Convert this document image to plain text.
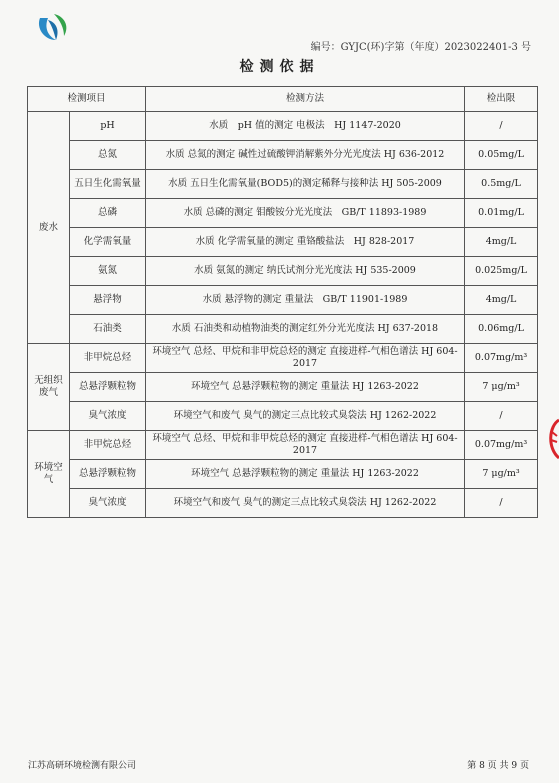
编号：GYJC(环)字第（年度）2023022401-3 号
检测依据
检测项目		检测方法	检出限
废水	pH	水质　pH 值的测定 电极法　HJ 1147-2020	/
	总氮	水质 总氮的测定 碱性过硫酸钾消解紫外分光光度法 HJ 636-2012	0.05mg/L
	五日生化需氧量	水质 五日生化需氧量(BOD5)的测定稀释与接种法 HJ 505-2009	0.5mg/L
	总磷	水质 总磷的测定 钼酸铵分光光度法　GB/T 11893-1989	0.01mg/L
	化学需氧量	水质 化学需氧量的测定 重铬酸盐法　HJ 828-2017	4mg/L
	氨氮	水质 氨氮的测定 纳氏试剂分光光度法 HJ 535-2009	0.025mg/L
	悬浮物	水质 悬浮物的测定 重量法　GB/T 11901-1989	4mg/L
	石油类	水质 石油类和动植物油类的测定红外分光光度法 HJ 637-2018	0.06mg/L
无组织废气	非甲烷总烃	环境空气 总烃、甲烷和非甲烷总烃的测定 直接进样-气相色谱法 HJ 604-2017	0.07mg/m³
	总悬浮颗粒物	环境空气 总悬浮颗粒物的测定 重量法 HJ 1263-2022	7 μg/m³
	臭气浓度	环境空气和废气 臭气的测定三点比较式臭袋法 HJ 1262-2022	/
环境空气	非甲烷总烃	环境空气 总烃、甲烷和非甲烷总烃的测定 直接进样-气相色谱法 HJ 604-2017	0.07mg/m³
	总悬浮颗粒物	环境空气 总悬浮颗粒物的测定 重量法 HJ 1263-2022	7 μg/m³
	臭气浓度	环境空气和废气 臭气的测定三点比较式臭袋法 HJ 1262-2022	/
江苏高研环境检测有限公司	第 8 页 共 9 页
